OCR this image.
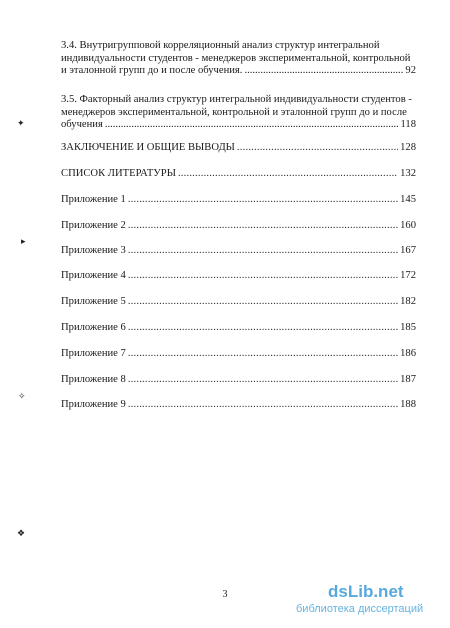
3.4. Внутригрупповой корреляционный анализ структур интегральной
индивидуальности студентов - менеджеров экспериментальной, контрольной
и эталонной групп до и после обучения. .....	92
3.5. Факторный анализ структур интегральной индивидуальности студентов -
менеджеров экспериментальной, контрольной и эталонной групп до и после
обучения .....	118
ЗАКЛЮЧЕНИЕ И ОБЩИЕ ВЫВОДЫ .....	128
СПИСОК ЛИТЕРАТУРЫ .....	132
Приложение 1 .....	145
Приложение 2 .....	160
Приложение 3 .....	167
Приложение 4 .....	172
Приложение 5 .....	182
Приложение 6 .....	185
Приложение 7 .....	186
Приложение 8 .....	187
Приложение 9 .....	188
✦
▸
✧
❖
3	dsLib.net
библиотека диссертаций
